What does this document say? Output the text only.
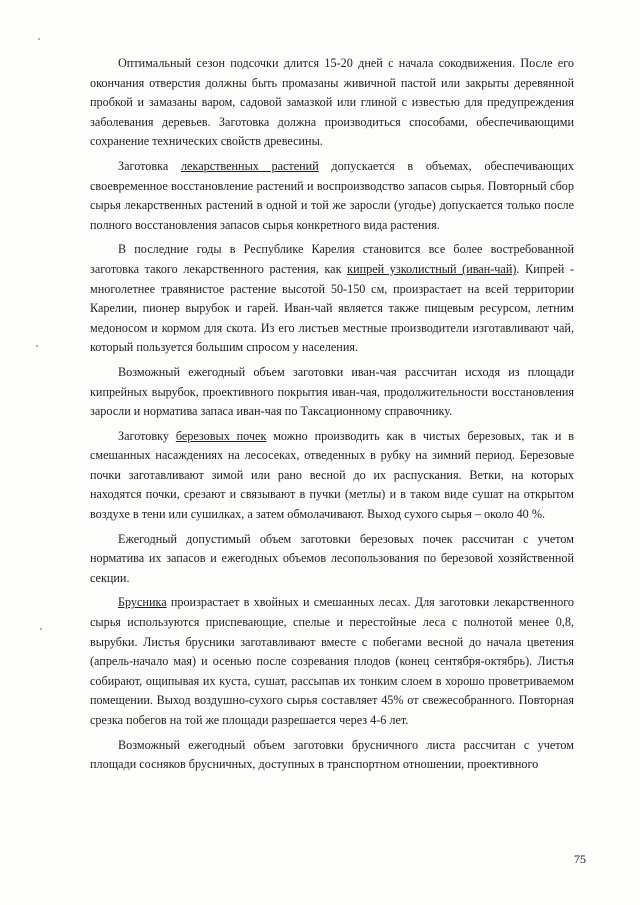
Оптимальный сезон подсочки длится 15-20 дней с начала сокодвижения. После его окончания отверстия должны быть промазаны живичной пастой или закрыты деревянной пробкой и замазаны варом, садовой замазкой или глиной с известью для предупреждения заболевания деревьев. Заготовка должна производиться способами, обеспечивающими сохранение технических свойств древесины.

Заготовка лекарственных растений допускается в объемах, обеспечивающих своевременное восстановление растений и воспроизводство запасов сырья. Повторный сбор сырья лекарственных растений в одной и той же заросли (угодье) допускается только после полного восстановления запасов сырья конкретного вида растения.

В последние годы в Республике Карелия становится все более востребованной заготовка такого лекарственного растения, как кипрей узколистный (иван-чай). Кипрей - многолетнее травянистое растение высотой 50-150 см, произрастает на всей территории Карелии, пионер вырубок и гарей. Иван-чай является также пищевым ресурсом, летним медоносом и кормом для скота. Из его листьев местные производители изготавливают чай, который пользуется большим спросом у населения.

Возможный ежегодный объем заготовки иван-чая рассчитан исходя из площади кипрейных вырубок, проективного покрытия иван-чая, продолжительности восстановления заросли и норматива запаса иван-чая по Таксационному справочнику.

Заготовку березовых почек можно производить как в чистых березовых, так и в смешанных насаждениях на лесосеках, отведенных в рубку на зимний период. Березовые почки заготавливают зимой или рано весной до их распускания. Ветки, на которых находятся почки, срезают и связывают в пучки (метлы) и в таком виде сушат на открытом воздухе в тени или сушилках, а затем обмолачивают. Выход сухого сырья – около 40 %.

Ежегодный допустимый объем заготовки березовых почек рассчитан с учетом норматива их запасов и ежегодных объемов лесопользования по березовой хозяйственной секции.

Брусника произрастает в хвойных и смешанных лесах. Для заготовки лекарственного сырья используются приспевающие, спелые и перестойные леса с полнотой менее 0,8, вырубки. Листья брусники заготавливают вместе с побегами весной до начала цветения (апрель-начало мая) и осенью после созревания плодов (конец сентября-октябрь). Листья собирают, ощипывая их куста, сушат, рассыпав их тонким слоем в хорошо проветриваемом помещении. Выход воздушно-сухого сырья составляет 45% от свежесобранного. Повторная срезка побегов на той же площади разрешается через 4-6 лет.

Возможный ежегодный объем заготовки брусничного листа рассчитан с учетом площади сосняков брусничных, доступных в транспортном отношении, проективного

75
